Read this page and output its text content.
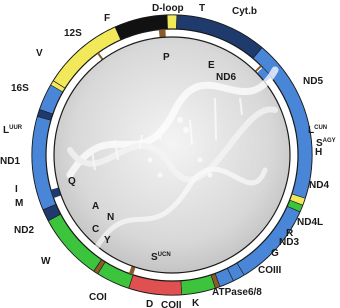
D-loop T	Cyt.b
F
12S
V
16S
$L^{UUR}$
ND1
I
M
ND2
W
COI
D COII K
ATPase6/8
COIII
G
ND3
R
ND4L
ND4
H
$S^{AGY}$
$L^{CUN}$
ND5
ND6
E
P
Q
A
N
C
Y
$S^{UCN}$
